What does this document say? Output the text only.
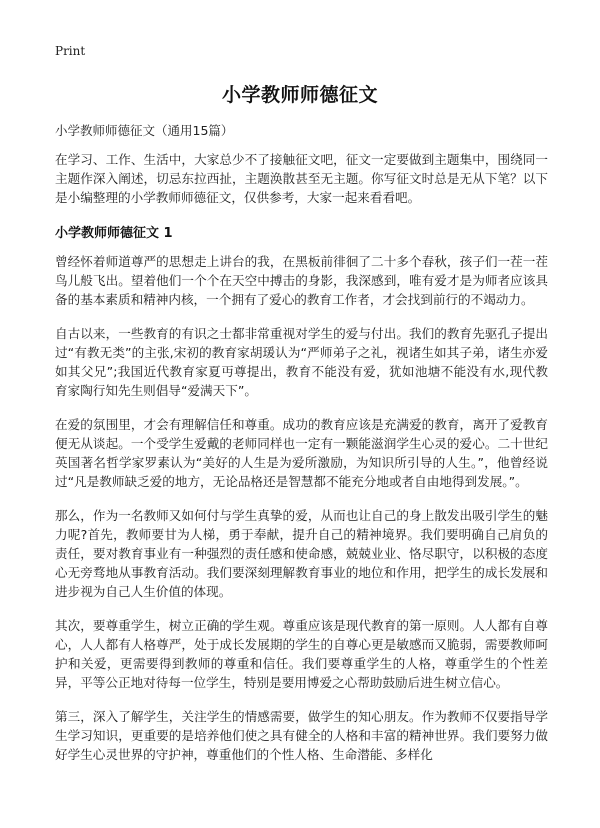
Print
小学教师师德征文
小学教师师德征文（通用15篇）

在学习、工作、生活中，大家总少不了接触征文吧，征文一定要做到主题集中，围绕同一主题作深入阐述，切忌东拉西扯，主题涣散甚至无主题。你写征文时总是无从下笔？以下是小编整理的小学教师师德征文，仅供参考，大家一起来看看吧。

小学教师师德征文 1

曾经怀着师道尊严的思想走上讲台的我，在黑板前徘徊了二十多个春秋，孩子们一茬一茬鸟儿般飞出。望着他们一个个在天空中搏击的身影，我深感到，唯有爱才是为师者应该具备的基本素质和精神内核，一个拥有了爱心的教育工作者，才会找到前行的不竭动力。

自古以来，一些教育的有识之士都非常重视对学生的爱与付出。我们的教育先驱孔子提出过“有教无类”的主张,宋初的教育家胡瑗认为“严师弟子之礼，视诸生如其子弟，诸生亦爱如其父兄”;我国近代教育家夏丏尊提出，教育不能没有爱，犹如池塘不能没有水,现代教育家陶行知先生则倡导“爱满天下”。

在爱的氛围里，才会有理解信任和尊重。成功的教育应该是充满爱的教育，离开了爱教育便无从谈起。一个受学生爱戴的老师同样也一定有一颗能滋润学生心灵的爱心。二十世纪英国著名哲学家罗素认为“美好的人生是为爱所激励，为知识所引导的人生。”，他曾经说过“凡是教师缺乏爱的地方，无论品格还是智慧都不能充分地或者自由地得到发展。”。

那么，作为一名教师又如何付与学生真挚的爱，从而也让自己的身上散发出吸引学生的魅力呢?首先，教师要甘为人梯，勇于奉献，提升自己的精神境界。我们要明确自己肩负的责任，要对教育事业有一种强烈的责任感和使命感，兢兢业业、恪尽职守，以积极的态度心无旁骛地从事教育活动。我们要深刻理解教育事业的地位和作用，把学生的成长发展和进步视为自己人生价值的体现。

其次，要尊重学生，树立正确的学生观。尊重应该是现代教育的第一原则。人人都有自尊心，人人都有人格尊严，处于成长发展期的学生的自尊心更是敏感而又脆弱，需要教师呵护和关爱，更需要得到教师的尊重和信任。我们要尊重学生的人格，尊重学生的个性差异，平等公正地对待每一位学生，特别是要用博爱之心帮助鼓励后进生树立信心。

第三，深入了解学生，关注学生的情感需要，做学生的知心朋友。作为教师不仅要指导学生学习知识，更重要的是培养他们使之具有健全的人格和丰富的精神世界。我们要努力做好学生心灵世界的守护神，尊重他们的个性人格、生命潜能、多样化
